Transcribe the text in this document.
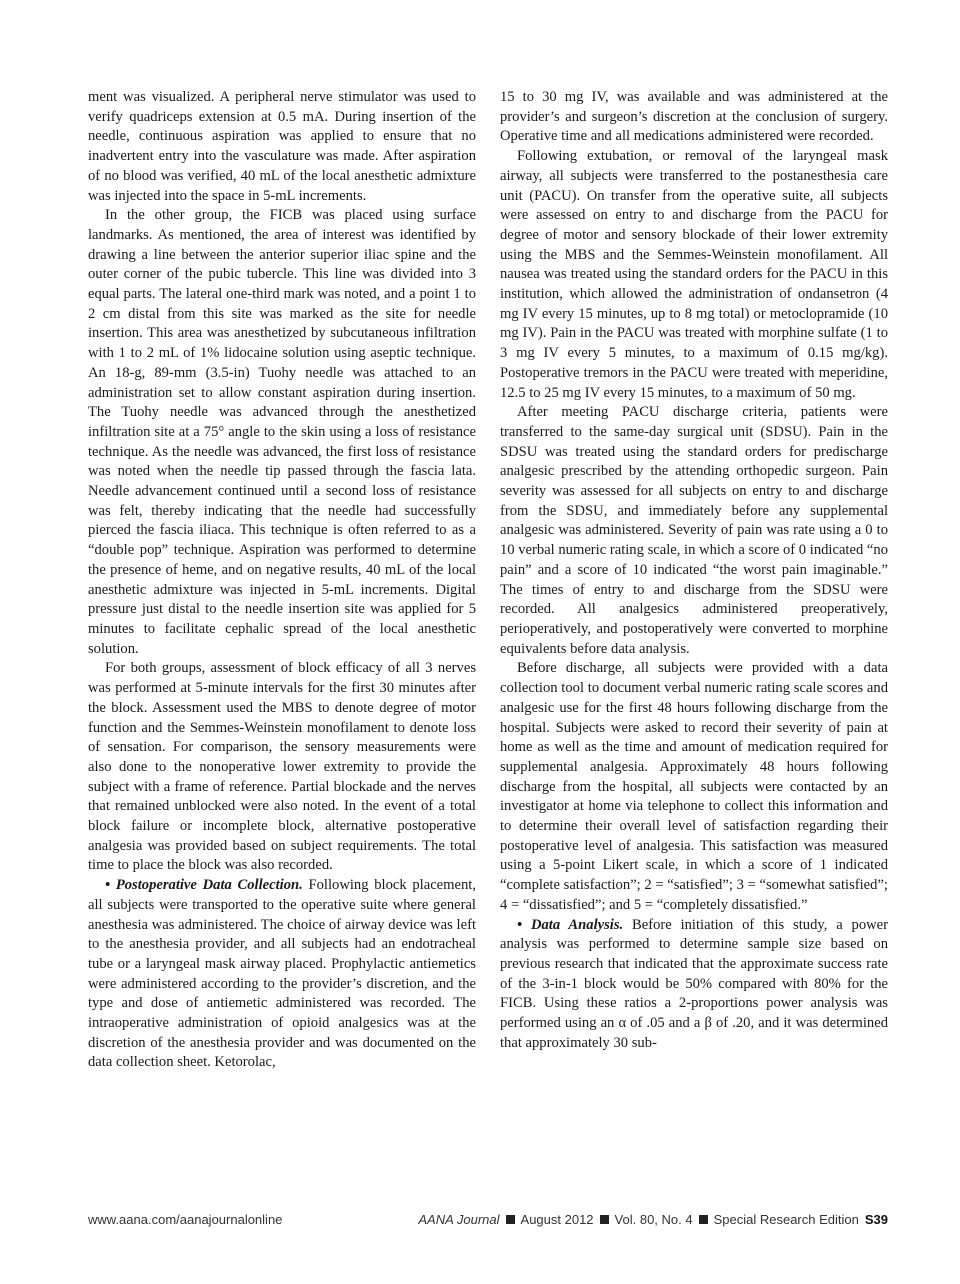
ment was visualized. A peripheral nerve stimulator was used to verify quadriceps extension at 0.5 mA. During insertion of the needle, continuous aspiration was applied to ensure that no inadvertent entry into the vasculature was made. After aspiration of no blood was verified, 40 mL of the local anesthetic admixture was injected into the space in 5-mL increments.

In the other group, the FICB was placed using surface landmarks. As mentioned, the area of interest was identified by drawing a line between the anterior superior iliac spine and the outer corner of the pubic tubercle. This line was divided into 3 equal parts. The lateral one-third mark was noted, and a point 1 to 2 cm distal from this site was marked as the site for needle insertion. This area was anesthetized by subcutaneous infiltration with 1 to 2 mL of 1% lidocaine solution using aseptic technique. An 18-g, 89-mm (3.5-in) Tuohy needle was attached to an administration set to allow constant aspiration during insertion. The Tuohy needle was advanced through the anesthetized infiltration site at a 75° angle to the skin using a loss of resistance technique. As the needle was advanced, the first loss of resistance was noted when the needle tip passed through the fascia lata. Needle advancement continued until a second loss of resistance was felt, thereby indicating that the needle had successfully pierced the fascia iliaca. This technique is often referred to as a “double pop” technique. Aspiration was performed to determine the presence of heme, and on negative results, 40 mL of the local anesthetic admixture was injected in 5-mL increments. Digital pressure just distal to the needle insertion site was applied for 5 minutes to facilitate cephalic spread of the local anesthetic solution.

For both groups, assessment of block efficacy of all 3 nerves was performed at 5-minute intervals for the first 30 minutes after the block. Assessment used the MBS to denote degree of motor function and the Semmes-Weinstein monofilament to denote loss of sensation. For comparison, the sensory measurements were also done to the nonoperative lower extremity to provide the subject with a frame of reference. Partial blockade and the nerves that remained unblocked were also noted. In the event of a total block failure or incomplete block, alternative postoperative analgesia was provided based on subject requirements. The total time to place the block was also recorded.

• Postoperative Data Collection. Following block placement, all subjects were transported to the operative suite where general anesthesia was administered. The choice of airway device was left to the anesthesia provider, and all subjects had an endotracheal tube or a laryngeal mask airway placed. Prophylactic antiemetics were administered according to the provider’s discretion, and the type and dose of antiemetic administered was recorded. The intraoperative administration of opioid analgesics was at the discretion of the anesthesia provider and was documented on the data collection sheet. Ketorolac,

15 to 30 mg IV, was available and was administered at the provider’s and surgeon’s discretion at the conclusion of surgery. Operative time and all medications administered were recorded.

Following extubation, or removal of the laryngeal mask airway, all subjects were transferred to the postanesthesia care unit (PACU). On transfer from the operative suite, all subjects were assessed on entry to and discharge from the PACU for degree of motor and sensory blockade of their lower extremity using the MBS and the Semmes-Weinstein monofilament. All nausea was treated using the standard orders for the PACU in this institution, which allowed the administration of ondansetron (4 mg IV every 15 minutes, up to 8 mg total) or metoclopramide (10 mg IV). Pain in the PACU was treated with morphine sulfate (1 to 3 mg IV every 5 minutes, to a maximum of 0.15 mg/kg). Postoperative tremors in the PACU were treated with meperidine, 12.5 to 25 mg IV every 15 minutes, to a maximum of 50 mg.

After meeting PACU discharge criteria, patients were transferred to the same-day surgical unit (SDSU). Pain in the SDSU was treated using the standard orders for predischarge analgesic prescribed by the attending orthopedic surgeon. Pain severity was assessed for all subjects on entry to and discharge from the SDSU, and immediately before any supplemental analgesic was administered. Severity of pain was rate using a 0 to 10 verbal numeric rating scale, in which a score of 0 indicated “no pain” and a score of 10 indicated “the worst pain imaginable.” The times of entry to and discharge from the SDSU were recorded. All analgesics administered preoperatively, perioperatively, and postoperatively were converted to morphine equivalents before data analysis.

Before discharge, all subjects were provided with a data collection tool to document verbal numeric rating scale scores and analgesic use for the first 48 hours following discharge from the hospital. Subjects were asked to record their severity of pain at home as well as the time and amount of medication required for supplemental analgesia. Approximately 48 hours following discharge from the hospital, all subjects were contacted by an investigator at home via telephone to collect this information and to determine their overall level of satisfaction regarding their postoperative level of analgesia. This satisfaction was measured using a 5-point Likert scale, in which a score of 1 indicated “complete satisfaction”; 2 = “satisfied”; 3 = “somewhat satisfied”; 4 = “dissatisfied”; and 5 = “completely dissatisfied.”

• Data Analysis. Before initiation of this study, a power analysis was performed to determine sample size based on previous research that indicated that the approximate success rate of the 3-in-1 block would be 50% compared with 80% for the FICB. Using these ratios a 2-proportions power analysis was performed using an α of .05 and a β of .20, and it was determined that approximately 30 sub-

www.aana.com/aanajournalonline	AANA Journal August 2012 Vol. 80, No. 4 Special Research Edition S39
